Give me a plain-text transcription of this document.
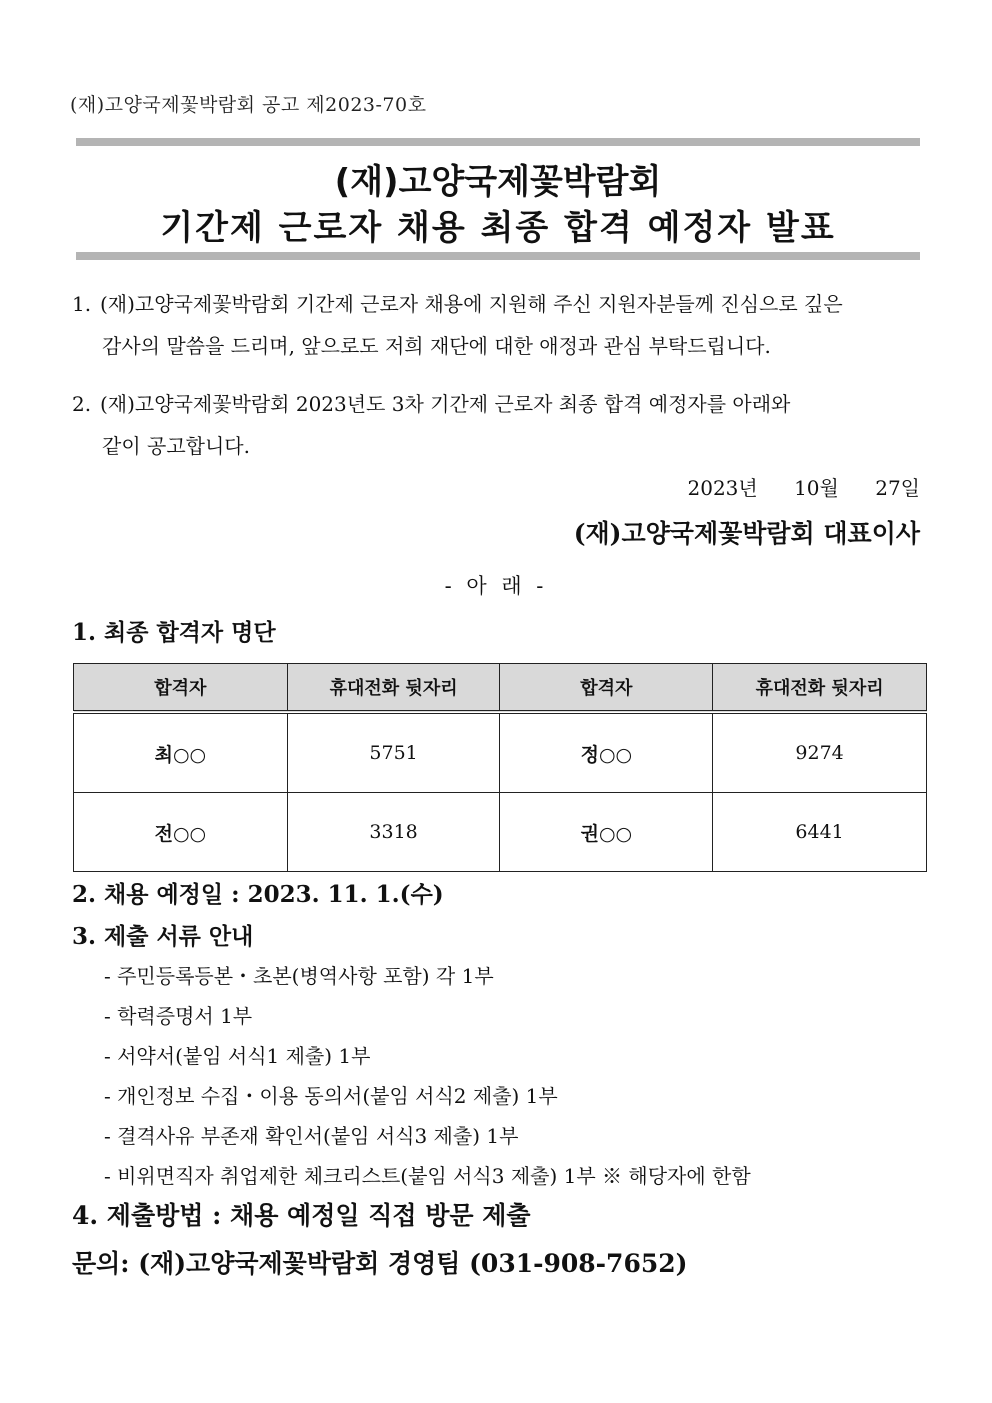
(재)고양국제꽃박람회 공고 제2023-70호
(재)고양국제꽃박람회
기간제 근로자 채용 최종 합격 예정자 발표
1. (재)고양국제꽃박람회 기간제 근로자 채용에 지원해 주신 지원자분들께 진심으로 깊은
감사의 말씀을 드리며, 앞으로도 저희 재단에 대한 애정과 관심 부탁드립니다.
2. (재)고양국제꽃박람회 2023년도 3차 기간제 근로자 최종 합격 예정자를 아래와
같이 공고합니다.
2023년 10월 27일
(재)고양국제꽃박람회 대표이사
- 아 래 -
1. 최종 합격자 명단
합격자	휴대전화 뒷자리	합격자	휴대전화 뒷자리
최○○	5751	정○○	9274
전○○	3318	권○○	6441
2. 채용 예정일 : 2023. 11. 1.(수)
3. 제출 서류 안내
- 주민등록등본・초본(병역사항 포함) 각 1부
- 학력증명서 1부
- 서약서(붙임 서식1 제출) 1부
- 개인정보 수집・이용 동의서(붙임 서식2 제출) 1부
- 결격사유 부존재 확인서(붙임 서식3 제출) 1부
- 비위면직자 취업제한 체크리스트(붙임 서식3 제출) 1부 ※ 해당자에 한함
4. 제출방법 : 채용 예정일 직접 방문 제출
문의: (재)고양국제꽃박람회 경영팀 (031-908-7652)
